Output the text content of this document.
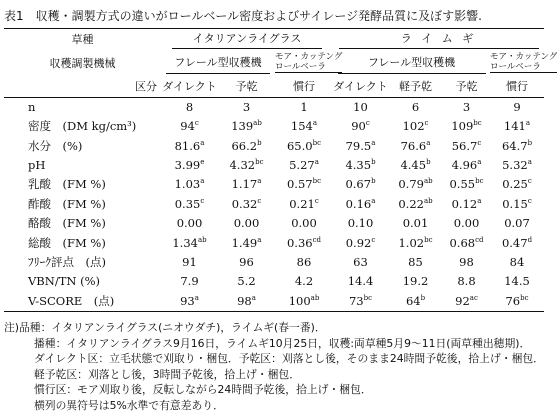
表1　収穫・調製方式の違いがロールベール密度およびサイレージ発酵品質に及ぼす影響.
草種	イタリアンライグラス			ラ イ ム ギ			
収穫調製機械	フレール型収穫機		モア・カッテング
ロールベーラ	フレール型収穫機			モア・カッテング
ロールベーラ
区分	ダイレクト	予乾	慣行	ダイレクト	軽予乾	予乾	慣行
n	8	3	1	10	6	3	9
密度　(DM kg/cm³)	94$^c$	$139^{ab}$	154$^a$	90$^c$	102$^c$	$109^{bc}$	141$^a$
水分　(%)	81.6$^a$	66.2$^b$	65.0$^{bc}$	79.5$^a$	76.6$^a$	56.7$^c$	64.7$^b$
pH	3.99e	4.32$^{bc}$	5.27$^a$	4.35$^b$	4.45$^b$	4.96$^a$	5.32$^a$
乳酸　(FM %)	1.03$^a$	1.17$^a$	0.57$^{bc}$	0.67$^b$	0.79$^{ab}$	0.55$^{bc}$	0.25$^c$
酢酸　(FM %)	0.35$^c$	0.32$^c$	0.21$^c$	0.16$^a$	0.22$^{ab}$	0.12$^a$	0.15$^c$
酪酸　(FM %)	0.00	0.00	0.00	0.10	0.01	0.00	0.07
総酸　(FM %)	1.34$^{ab}$	1.49$^a$	0.36$^{cd}$	0.92$^c$	1.02$^{bc}$	0.68$^{cd}$	0.47$^d$
ﾌﾘｰｸ評点　(点)	91	96	86	63	85	98	84
VBN/TN (%)	7.9	5.2	4.2	14.4	19.2	8.8	14.5
V-SCORE　(点)	93$^a$	98$^a$	$100^{ab}$	$73^{bc}$	64$^b$	$92^{ac}$	$76^{bc}$
注)品種：イタリアンライグラス(ニオウダチ)，ライムギ(春一番)．
播種：イタリアンライグラス9月16日，ライムギ10月25日，収穫:両草種5月9～11日(両草種出穂期)．
ダイレクト区：立毛状態で刈取り・梱包．予乾区：刈落とし後，そのまま24時間予乾後，拾上げ・梱包．
軽予乾区：刈落とし後，3時間予乾後，拾上げ・梱包．
慣行区：モア刈取り後，反転しながら24時間予乾後，拾上げ・梱包．
横列の異符号は5%水準で有意差あり．
